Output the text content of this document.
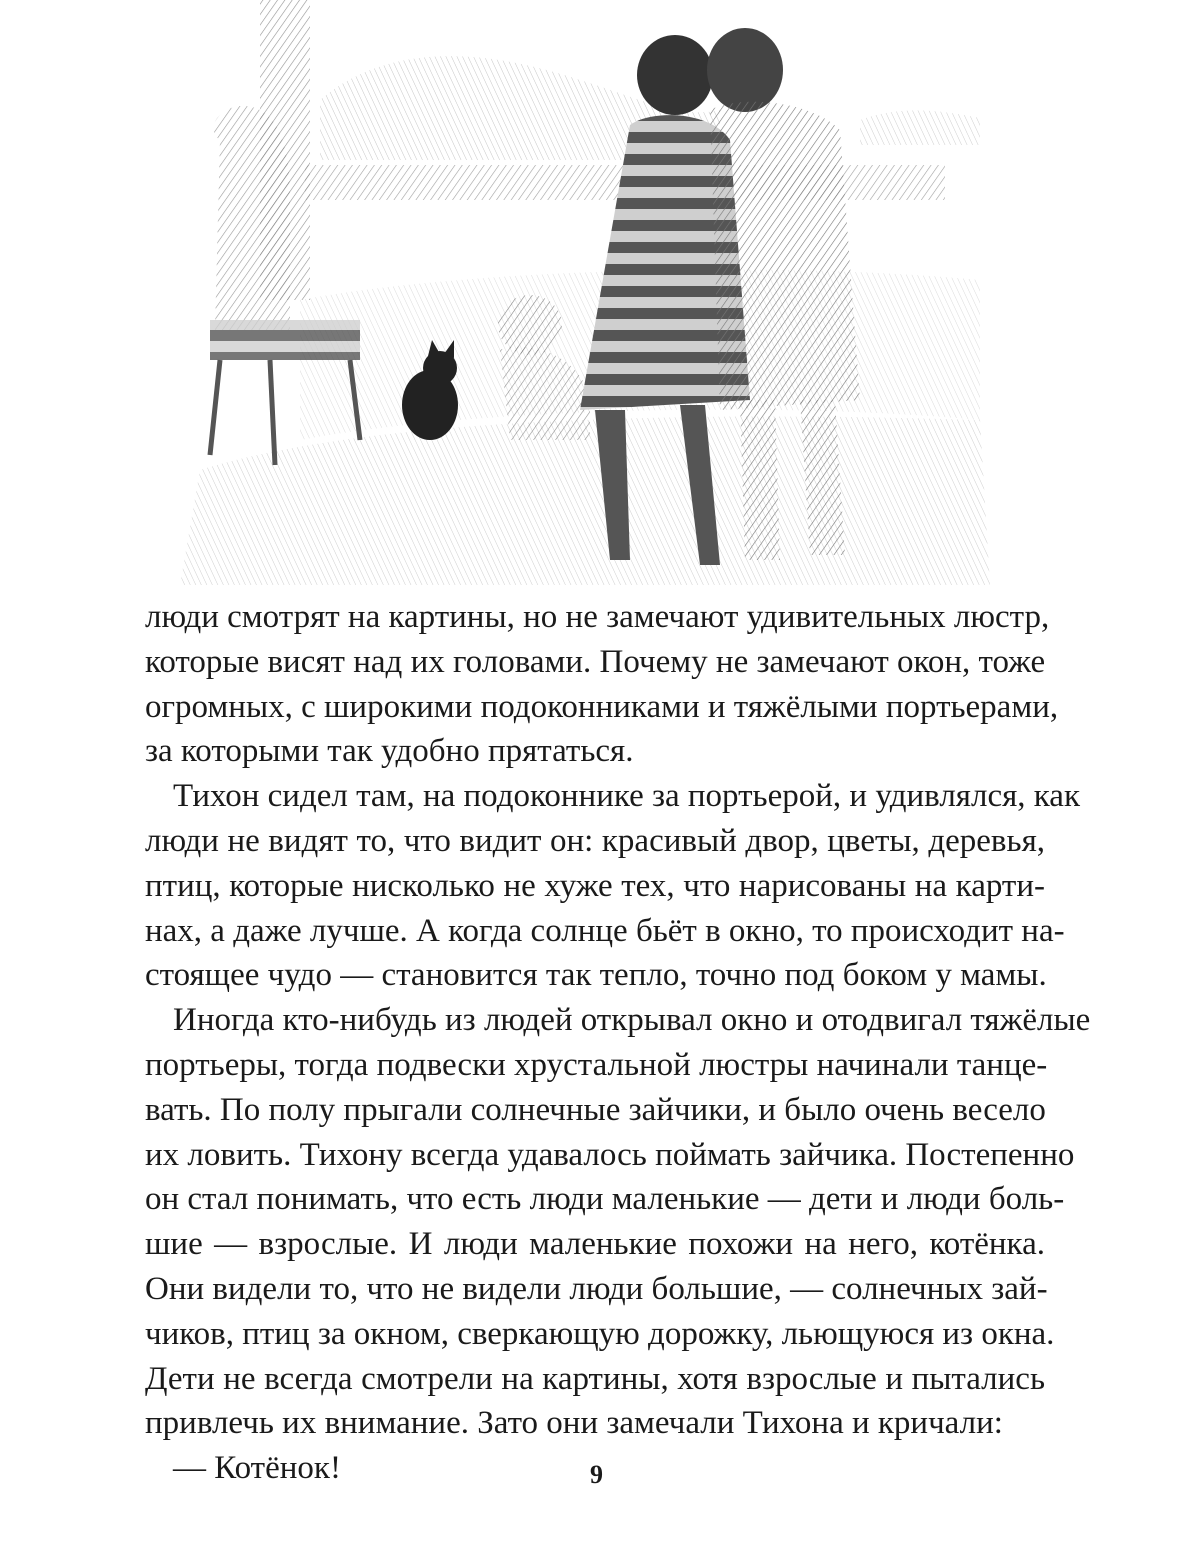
люди смотрят на картины, но не замечают удивительных люстр,

которые висят над их головами. Почему не замечают окон, тоже

огромных, с широкими подоконниками и тяжёлыми портьерами,

за которыми так удобно прятаться.

Тихон сидел там, на подоконнике за портьерой, и удивлялся, как

люди не видят то, что видит он: красивый двор, цветы, деревья,

птиц, которые нисколько не хуже тех, что нарисованы на карти-

нах, а даже лучше. А когда солнце бьёт в окно, то происходит на-

стоящее чудо — становится так тепло, точно под боком у мамы.

Иногда кто-нибудь из людей открывал окно и отодвигал тяжёлые

портьеры, тогда подвески хрустальной люстры начинали танце-

вать. По полу прыгали солнечные зайчики, и было очень весело

их ловить. Тихону всегда удавалось поймать зайчика. Постепенно

он стал понимать, что есть люди маленькие — дети и люди боль-

шие — взрослые. И люди маленькие похожи на него, котёнка.

Они видели то, что не видели люди большие, — солнечных зай-

чиков, птиц за окном, сверкающую дорожку, льющуюся из окна.

Дети не всегда смотрели на картины, хотя взрослые и пытались

привлечь их внимание. Зато они замечали Тихона и кричали:

— Котёнок!	9
